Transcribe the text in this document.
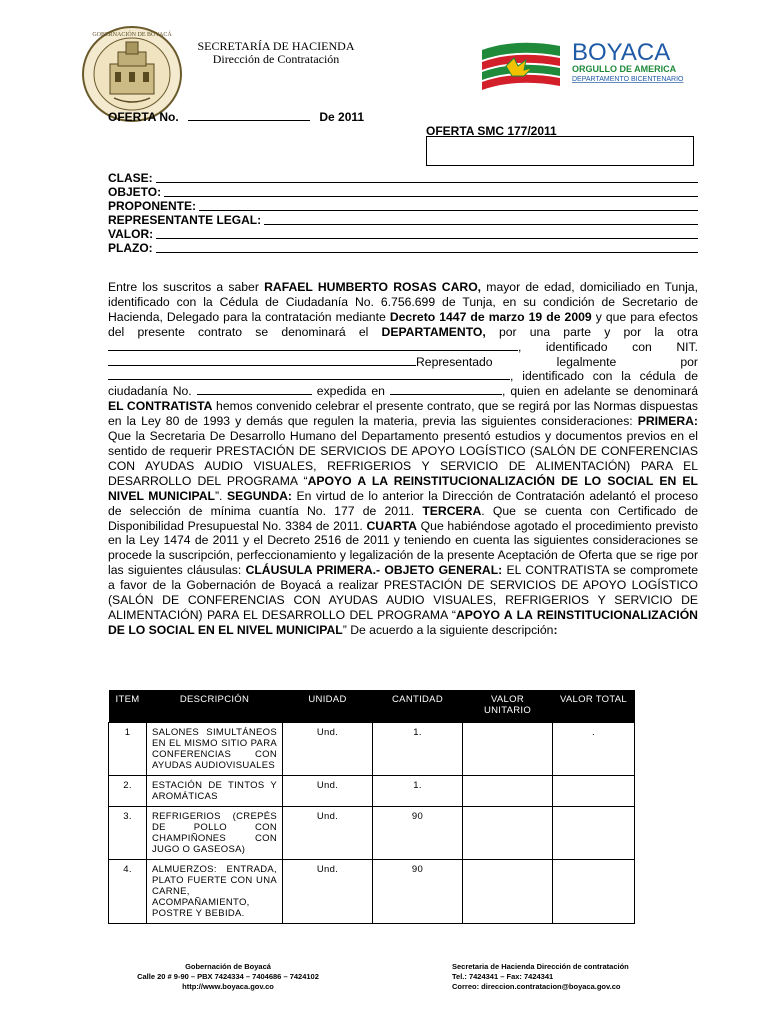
GOBERNACIÓN DE BOYACÁ
SECRETARÍA DE HACIENDA
Dirección de Contratación	BOYACA
ORGULLO DE AMERICA
DEPARTAMENTO BICENTENARIO
OFERTA No.	De 2011
OFERTA SMC 177/2011
CLASE:
OBJETO:
PROPONENTE:
REPRESENTANTE LEGAL:
VALOR:
PLAZO:

Entre los suscritos a saber RAFAEL HUMBERTO ROSAS CARO, mayor de edad, domiciliado en Tunja, identificado con la Cédula de Ciudadanía No. 6.756.699 de Tunja, en su condición de Secretario de Hacienda, Delegado para la contratación mediante Decreto 1447 de marzo 19 de 2009 y que para efectos del presente contrato se denominará el DEPARTAMENTO, por una parte y por la otra , identificado con NIT. Representado legalmente por , identificado con la cédula de ciudadanía No.	expedida en	, quien en adelante se denominará EL CONTRATISTA hemos convenido celebrar el presente contrato, que se regirá por las Normas dispuestas en la Ley 80 de 1993 y demás que regulen la materia, previa las siguientes consideraciones: PRIMERA: Que la Secretaria De Desarrollo Humano del Departamento presentó estudios y documentos previos en el sentido de requerir PRESTACIÓN DE SERVICIOS DE APOYO LOGÍSTICO (SALÓN DE CONFERENCIAS CON AYUDAS AUDIO VISUALES, REFRIGERIOS Y SERVICIO DE ALIMENTACIÓN) PARA EL DESARROLLO DEL PROGRAMA “APOYO A LA REINSTITUCIONALIZACIÓN DE LO SOCIAL EN EL NIVEL MUNICIPAL”. SEGUNDA: En virtud de lo anterior la Dirección de Contratación adelantó el proceso de selección de mínima cuantía No. 177 de 2011. TERCERA. Que se cuenta con Certificado de Disponibilidad Presupuestal No. 3384 de 2011. CUARTA Que habiéndose agotado el procedimiento previsto en la Ley 1474 de 2011 y el Decreto 2516 de 2011 y teniendo en cuenta las siguientes consideraciones se procede la suscripción, perfeccionamiento y legalización de la presente Aceptación de Oferta que se rige por las siguientes cláusulas: CLÁUSULA PRIMERA.- OBJETO GENERAL: EL CONTRATISTA se compromete a favor de la Gobernación de Boyacá a realizar PRESTACIÓN DE SERVICIOS DE APOYO LOGÍSTICO (SALÓN DE CONFERENCIAS CON AYUDAS AUDIO VISUALES, REFRIGERIOS Y SERVICIO DE ALIMENTACIÓN) PARA EL DESARROLLO DEL PROGRAMA “APOYO A LA REINSTITUCIONALIZACIÓN DE LO SOCIAL EN EL NIVEL MUNICIPAL” De acuerdo a la siguiente descripción:

ITEM	DESCRIPCIÓN	UNIDAD	CANTIDAD	VALOR UNITARIO	VALOR TOTAL
1	SALONES SIMULTÁNEOS EN EL MISMO SITIO PARA CONFERENCIAS CON AYUDAS AUDIOVISUALES	Und.	1.		.
2.	ESTACIÓN DE TINTOS Y AROMÁTICAS	Und.	1.		
3.	REFRIGERIOS (CREPÉS DE POLLO CON CHAMPIÑONES CON JUGO O GASEOSA)	Und.	90		
4.	ALMUERZOS: ENTRADA, PLATO FUERTE CON UNA CARNE, ACOMPAÑAMIENTO, POSTRE Y BEBIDA.	Und.	90		
Gobernación de Boyacá
Calle 20 # 9-90 – PBX 7424334 – 7404686 – 7424102
http://www.boyaca.gov.co
Secretaria de Hacienda Dirección de contratación
Tel.: 7424341 – Fax: 7424341
Correo: direccion.contratacion@boyaca.gov.co
